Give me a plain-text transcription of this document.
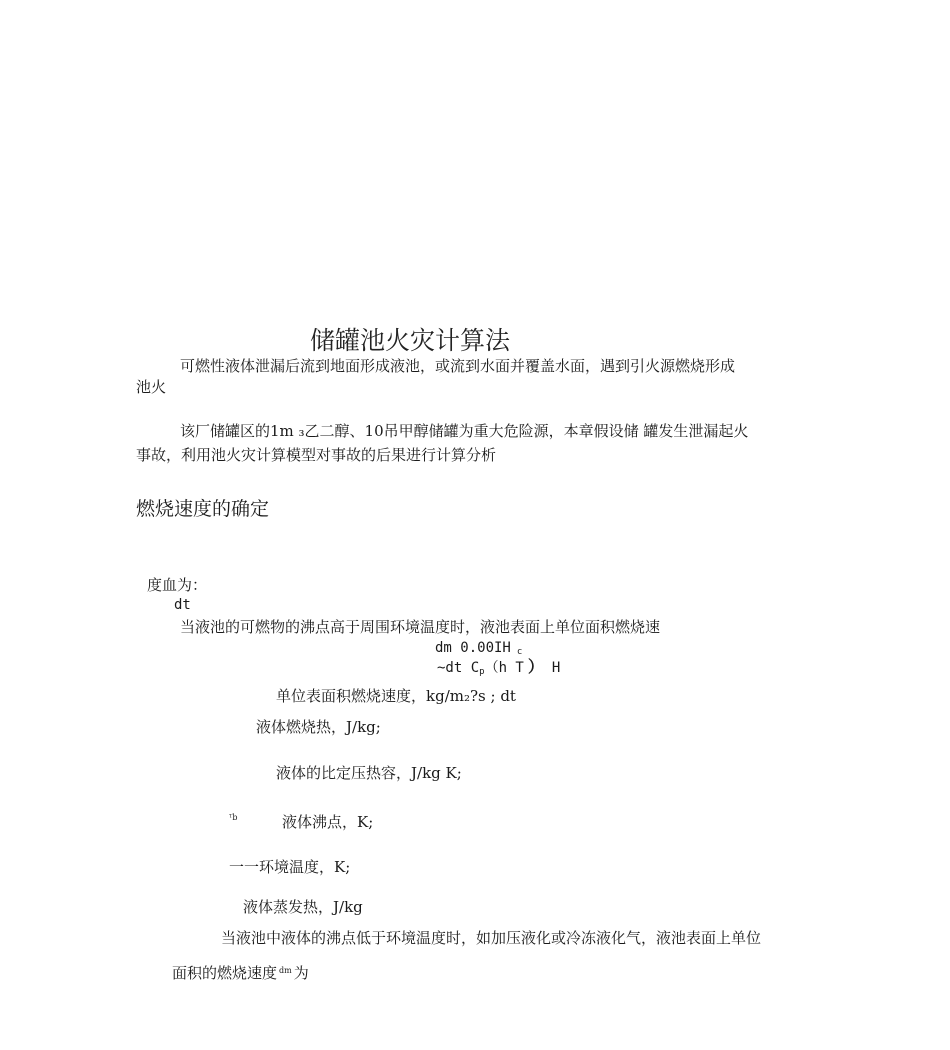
储罐池火灾计算法
可燃性液体泄漏后流到地面形成液池，或流到水面并覆盖水面，遇到引火源燃烧形成
池火
该厂储罐区的1m ₃乙二醇、10吊甲醇储罐为重大危险源，本章假设储 罐发生泄漏起火
事故，利用池火灾计算模型对事故的后果进行计算分析
燃烧速度的确定
度血为：
dt
当液池的可燃物的沸点高于周围环境温度时，液池表面上单位面积燃烧速
dm 0.00IH c
~dt Cp（h T ） H
单位表面积燃烧速度，kg/m₂?s ; dt
液体燃烧热，J/kg;
液体的比定压热容，J/kg K;
ᵀb	液体沸点，K;
一一环境温度，K;
液体蒸发热，J/kg
当液池中液体的沸点低于环境温度时，如加压液化或冷冻液化气，液池表面上单位
面积的燃烧速度 $^{dm}$ 为
